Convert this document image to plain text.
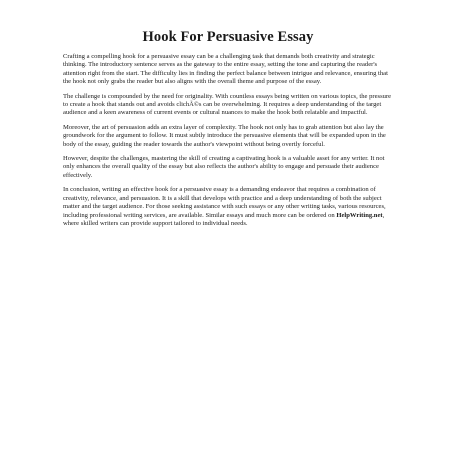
Hook For Persuasive Essay

Crafting a compelling hook for a persuasive essay can be a challenging task that demands both creativity and strategic thinking. The introductory sentence serves as the gateway to the entire essay, setting the tone and capturing the reader's attention right from the start. The difficulty lies in finding the perfect balance between intrigue and relevance, ensuring that the hook not only grabs the reader but also aligns with the overall theme and purpose of the essay.

The challenge is compounded by the need for originality. With countless essays being written on various topics, the pressure to create a hook that stands out and avoids clichÃ©s can be overwhelming. It requires a deep understanding of the target audience and a keen awareness of current events or cultural nuances to make the hook both relatable and impactful.

Moreover, the art of persuasion adds an extra layer of complexity. The hook not only has to grab attention but also lay the groundwork for the argument to follow. It must subtly introduce the persuasive elements that will be expanded upon in the body of the essay, guiding the reader towards the author's viewpoint without being overtly forceful.

However, despite the challenges, mastering the skill of creating a captivating hook is a valuable asset for any writer. It not only enhances the overall quality of the essay but also reflects the author's ability to engage and persuade their audience effectively.

In conclusion, writing an effective hook for a persuasive essay is a demanding endeavor that requires a combination of creativity, relevance, and persuasion. It is a skill that develops with practice and a deep understanding of both the subject matter and the target audience. For those seeking assistance with such essays or any other writing tasks, various resources, including professional writing services, are available. Similar essays and much more can be ordered on HelpWriting.net, where skilled writers can provide support tailored to individual needs.
